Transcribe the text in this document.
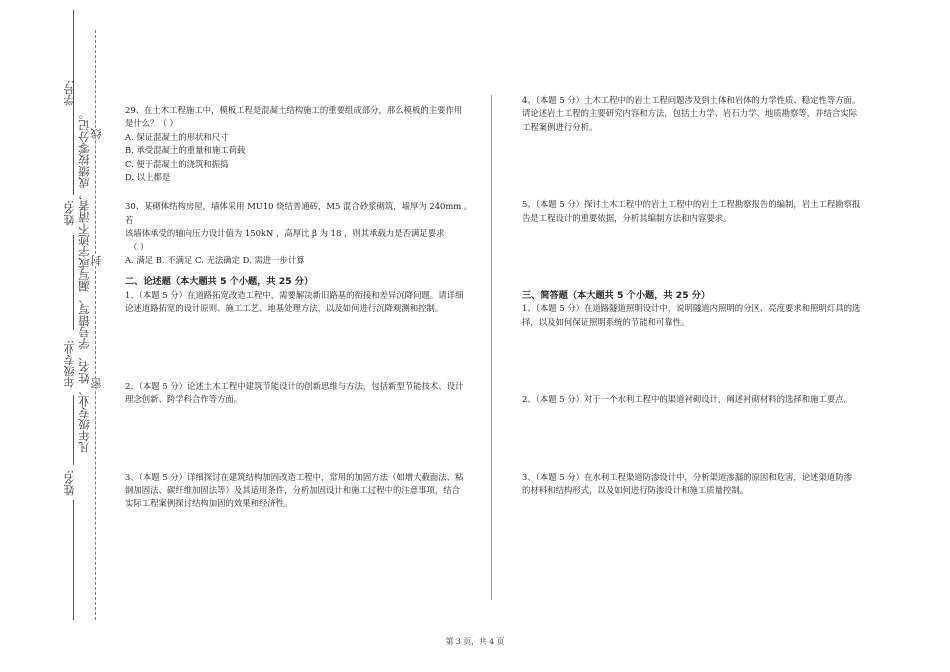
学号:
线
封
密
凡年级专业、姓名、学号错写、漏写或字迹不清者，成绩按零分记。
姓名:
年级专业:
姓名:

29、在土木工程施工中，模板工程是混凝土结构施工的重要组成部分，那么模板的主要作用

是什么？（ ）

A. 保证混凝土的形状和尺寸

B. 承受混凝土的重量和施工荷载

C. 便于混凝土的浇筑和振捣

D. 以上都是

30、某砌体结构房屋，墙体采用 MU10 烧结普通砖，M5 混合砂浆砌筑，墙厚为 240mm 。若

该墙体承受的轴向压力设计值为 150kN ，高厚比 β 为 18 ，则其承载力是否满足要求

（ ）

A. 满足 B. 不满足 C. 无法确定 D. 需进一步计算

二、论述题（本大题共 5 个小题，共 25 分）

1、（本题 5 分）在道路拓宽改造工程中，需要解决新旧路基的衔接和差异沉降问题。请详细

论述道路拓宽的设计原则、施工工艺、地基处理方法，以及如何进行沉降观测和控制。

2、（本题 5 分）论述土木工程中建筑节能设计的创新思维与方法，包括新型节能技术、设计

理念创新、跨学科合作等方面。

3、（本题 5 分）详细探讨在建筑结构加固改造工程中，常用的加固方法（如增大截面法、粘

钢加固法、碳纤维加固法等）及其适用条件，分析加固设计和施工过程中的注意事项，结合

实际工程案例探讨结构加固的效果和经济性。

4、（本题 5 分）土木工程中的岩土工程问题涉及到土体和岩体的力学性质、稳定性等方面。

请论述岩土工程的主要研究内容和方法，包括土力学、岩石力学、地质勘察等，并结合实际

工程案例进行分析。

5、（本题 5 分）探讨土木工程中的岩土工程中的岩土工程勘察报告的编制，岩土工程勘察报

告是工程设计的重要依据，分析其编制方法和内容要求。

三、简答题（本大题共 5 个小题，共 25 分）

1、（本题 5 分）在道路隧道照明设计中，说明隧道内照明的分区、亮度要求和照明灯具的选

择，以及如何保证照明系统的节能和可靠性。

2、（本题 5 分）对于一个水利工程中的渠道衬砌设计，阐述衬砌材料的选择和施工要点。

3、（本题 5 分）在水利工程渠道防渗设计中，分析渠道渗漏的原因和危害，论述渠道防渗

的材料和结构形式，以及如何进行防渗设计和施工质量控制。

第 3 页，共 4 页
